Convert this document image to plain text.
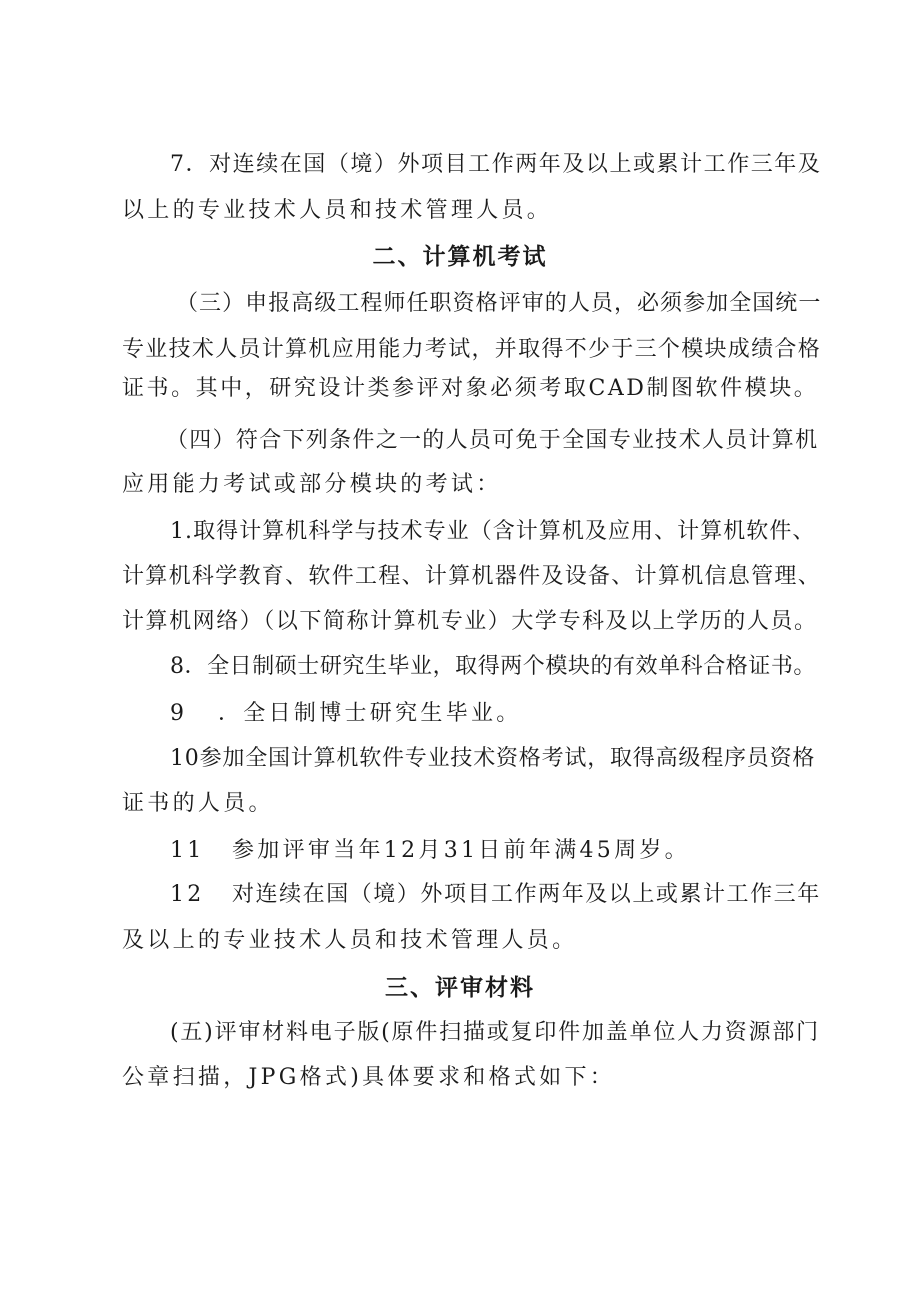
7．对连续在国（境）外项目工作两年及以上或累计工作三年及
以上的专业技术人员和技术管理人员。
二、计算机考试
（三）申报高级工程师任职资格评审的人员，必须参加全国统一
专业技术人员计算机应用能力考试，并取得不少于三个模块成绩合格
证书。其中，研究设计类参评对象必须考取CAD制图软件模块。
（四）符合下列条件之一的人员可免于全国专业技术人员计算机
应用能力考试或部分模块的考试：
1.取得计算机科学与技术专业（含计算机及应用、计算机软件、
计算机科学教育、软件工程、计算机器件及设备、计算机信息管理、
计算机网络）（以下简称计算机专业）大学专科及以上学历的人员。
8．全日制硕士研究生毕业，取得两个模块的有效单科合格证书。
9 ．全日制博士研究生毕业。
10参加全国计算机软件专业技术资格考试，取得高级程序员资格
证书的人员。
11 参加评审当年12月31日前年满45周岁。
12 对连续在国（境）外项目工作两年及以上或累计工作三年
及以上的专业技术人员和技术管理人员。
三、评审材料
(五)评审材料电子版(原件扫描或复印件加盖单位人力资源部门
公章扫描，JPG格式)具体要求和格式如下：
